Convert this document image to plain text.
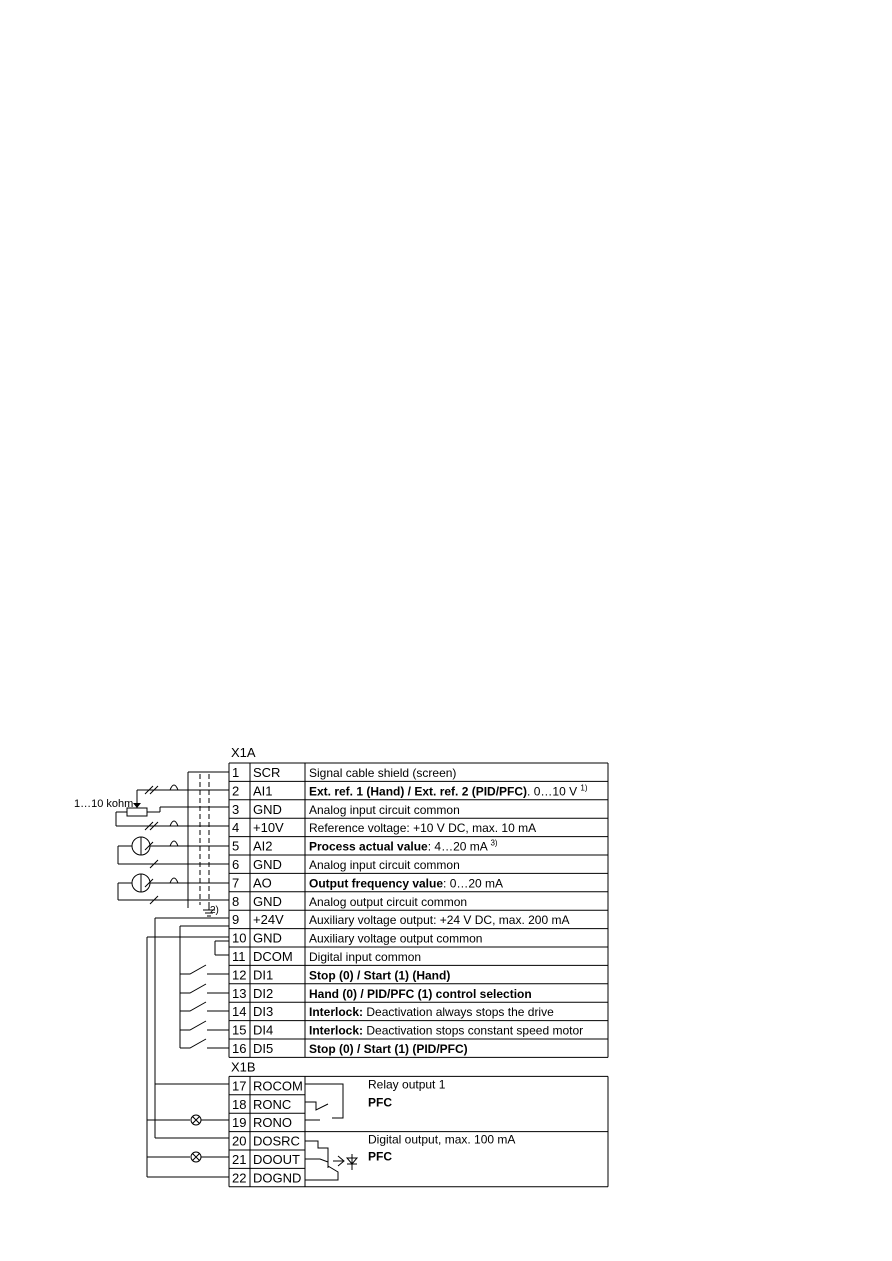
X1A
1 SCR Signal cable shield (screen)
2 AI1	Ext. ref. 1 (Hand) / Ext. ref. 2 (PID/PFC). 0…10 V $^{1)}$
3 GND Analog input circuit common
4 +10V Reference voltage: +10 V DC, max. 10 mA
5 AI2	Process actual value: 4…20 mA $^{3)}$
6 GND Analog input circuit common
7 AO	Output frequency value: 0…20 mA
8 GND Analog output circuit common
9 +24V Auxiliary voltage output: +24 V DC, max. 200 mA
10 GND Auxiliary voltage output common
11 DCOM Digital input common
12 DI1	Stop (0) / Start (1) (Hand)
13 DI2	Hand (0) / PID/PFC (1) control selection
14 DI3	Interlock: Deactivation always stops the drive
15 DI4	Interlock: Deactivation stops constant speed motor
16 DI5	Stop (0) / Start (1) (PID/PFC)
X1B
17 ROCOM
18 RONC
19 RONO
20 DOSRC
21 DOOUT
22 DOGND
Relay output 1
PFC
Digital output, max. 100 mA
PFC
1…10 kohm
2)
